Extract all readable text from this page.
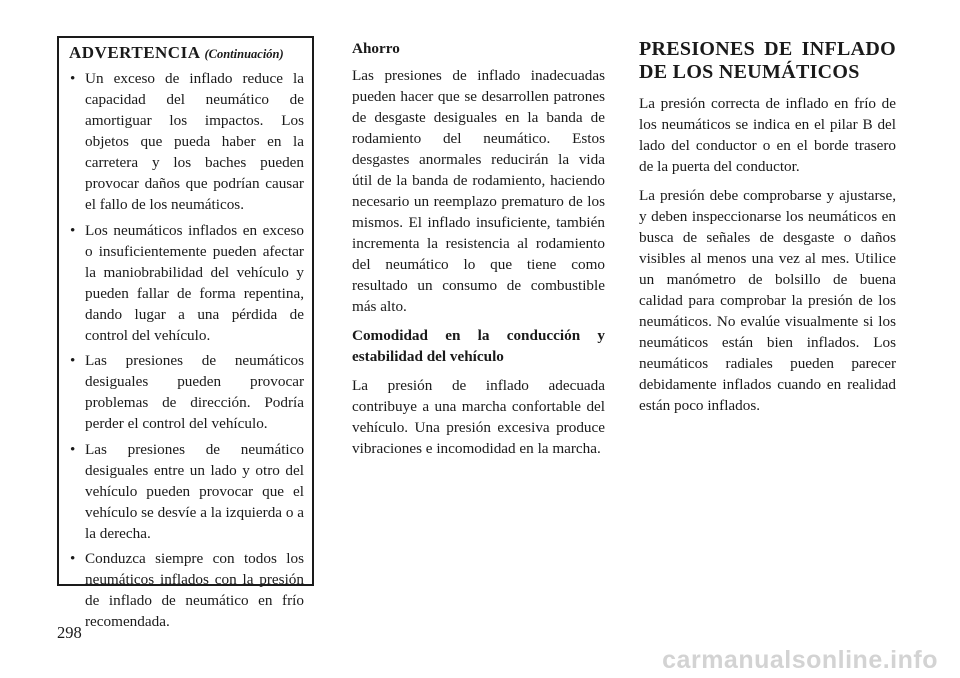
ADVERTENCIA (Continuación)
• Un exceso de inflado reduce la capacidad del neumático de amortiguar los impactos. Los objetos que pueda haber en la carretera y los baches pueden provocar daños que podrían causar el fallo de los neumáticos.
• Los neumáticos inflados en exceso o insuficientemente pueden afectar la maniobrabilidad del vehículo y pueden fallar de forma repentina, dando lugar a una pérdida de control del vehículo.
• Las presiones de neumáticos desiguales pueden provocar problemas de dirección. Podría perder el control del vehículo.
• Las presiones de neumático desiguales entre un lado y otro del vehículo pueden provocar que el vehículo se desvíe a la izquierda o a la derecha.
• Conduzca siempre con todos los neumáticos inflados con la presión de inflado de neumático en frío recomendada.

Ahorro

Las presiones de inflado inadecuadas pueden hacer que se desarrollen patrones de desgaste desiguales en la banda de rodamiento del neumático. Estos desgastes anormales reducirán la vida útil de la banda de rodamiento, haciendo necesario un reemplazo prematuro de los mismos. El inflado insuficiente, también incrementa la resistencia al rodamiento del neumático lo que tiene como resultado un consumo de combustible más alto.

Comodidad en la conducción y estabilidad del vehículo

La presión de inflado adecuada contribuye a una marcha confortable del vehículo. Una presión excesiva produce vibraciones e incomodidad en la marcha.

PRESIONES DE INFLADO DE LOS NEUMÁTICOS

La presión correcta de inflado en frío de los neumáticos se indica en el pilar B del lado del conductor o en el borde trasero de la puerta del conductor.

La presión debe comprobarse y ajustarse, y deben inspeccionarse los neumáticos en busca de señales de desgaste o daños visibles al menos una vez al mes. Utilice un manómetro de bolsillo de buena calidad para comprobar la presión de los neumáticos. No evalúe visualmente si los neumáticos están bien inflados. Los neumáticos radiales pueden parecer debidamente inflados cuando en realidad están poco inflados.

298
carmanualsonline.info
